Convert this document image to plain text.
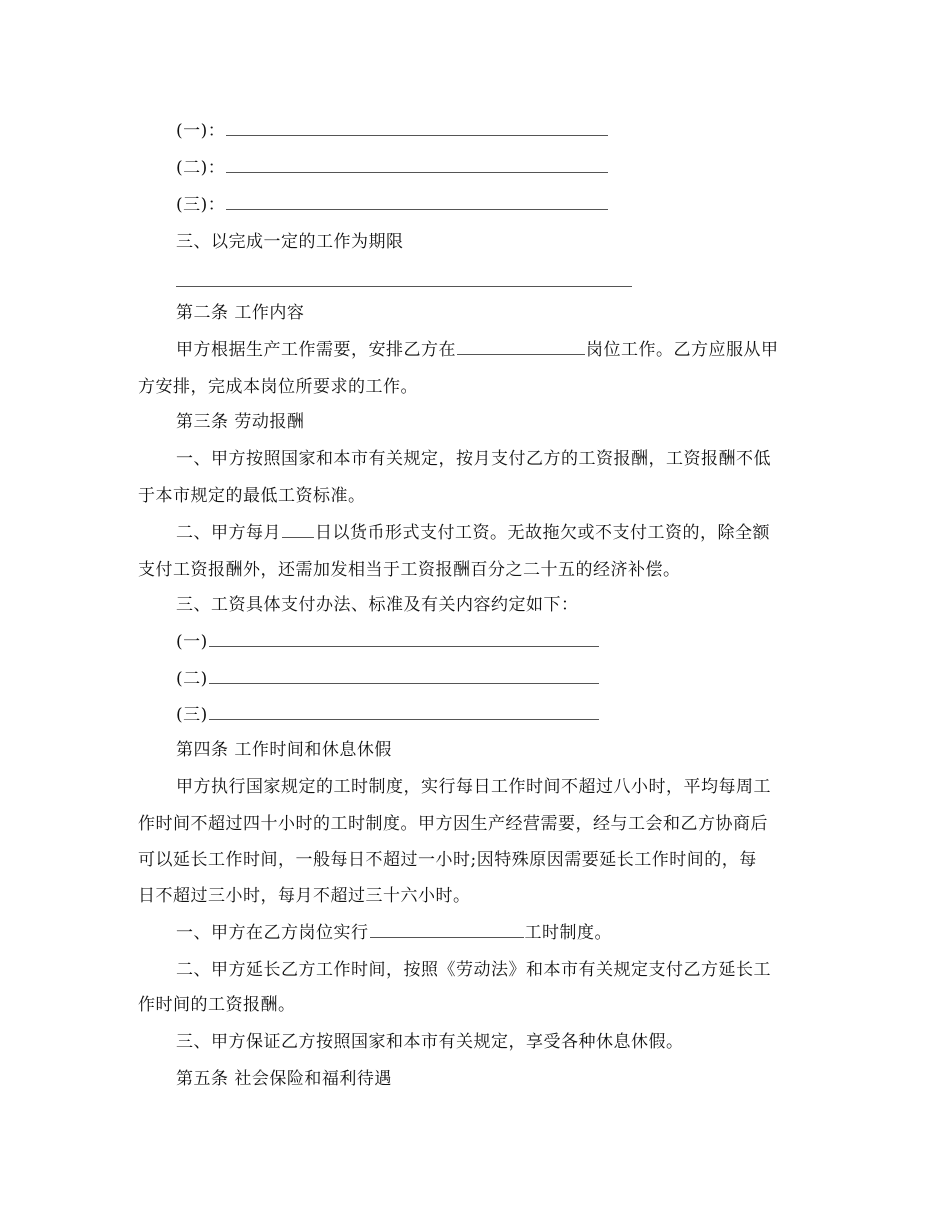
(一)：
(二)：
(三)：
三、以完成一定的工作为期限
第二条 工作内容
甲方根据生产工作需要，安排乙方在	岗位工作。乙方应服从甲
方安排，完成本岗位所要求的工作。
第三条 劳动报酬
一、甲方按照国家和本市有关规定，按月支付乙方的工资报酬，工资报酬不低
于本市规定的最低工资标准。
二、甲方每月 日以货币形式支付工资。无故拖欠或不支付工资的，除全额
支付工资报酬外，还需加发相当于工资报酬百分之二十五的经济补偿。
三、工资具体支付办法、标准及有关内容约定如下：
(一)
(二)
(三)
第四条 工作时间和休息休假
甲方执行国家规定的工时制度，实行每日工作时间不超过八小时，平均每周工
作时间不超过四十小时的工时制度。甲方因生产经营需要，经与工会和乙方协商后
可以延长工作时间，一般每日不超过一小时;因特殊原因需要延长工作时间的，每
日不超过三小时，每月不超过三十六小时。
一、甲方在乙方岗位实行	工时制度。
二、甲方延长乙方工作时间，按照《劳动法》和本市有关规定支付乙方延长工
作时间的工资报酬。
三、甲方保证乙方按照国家和本市有关规定，享受各种休息休假。
第五条 社会保险和福利待遇
